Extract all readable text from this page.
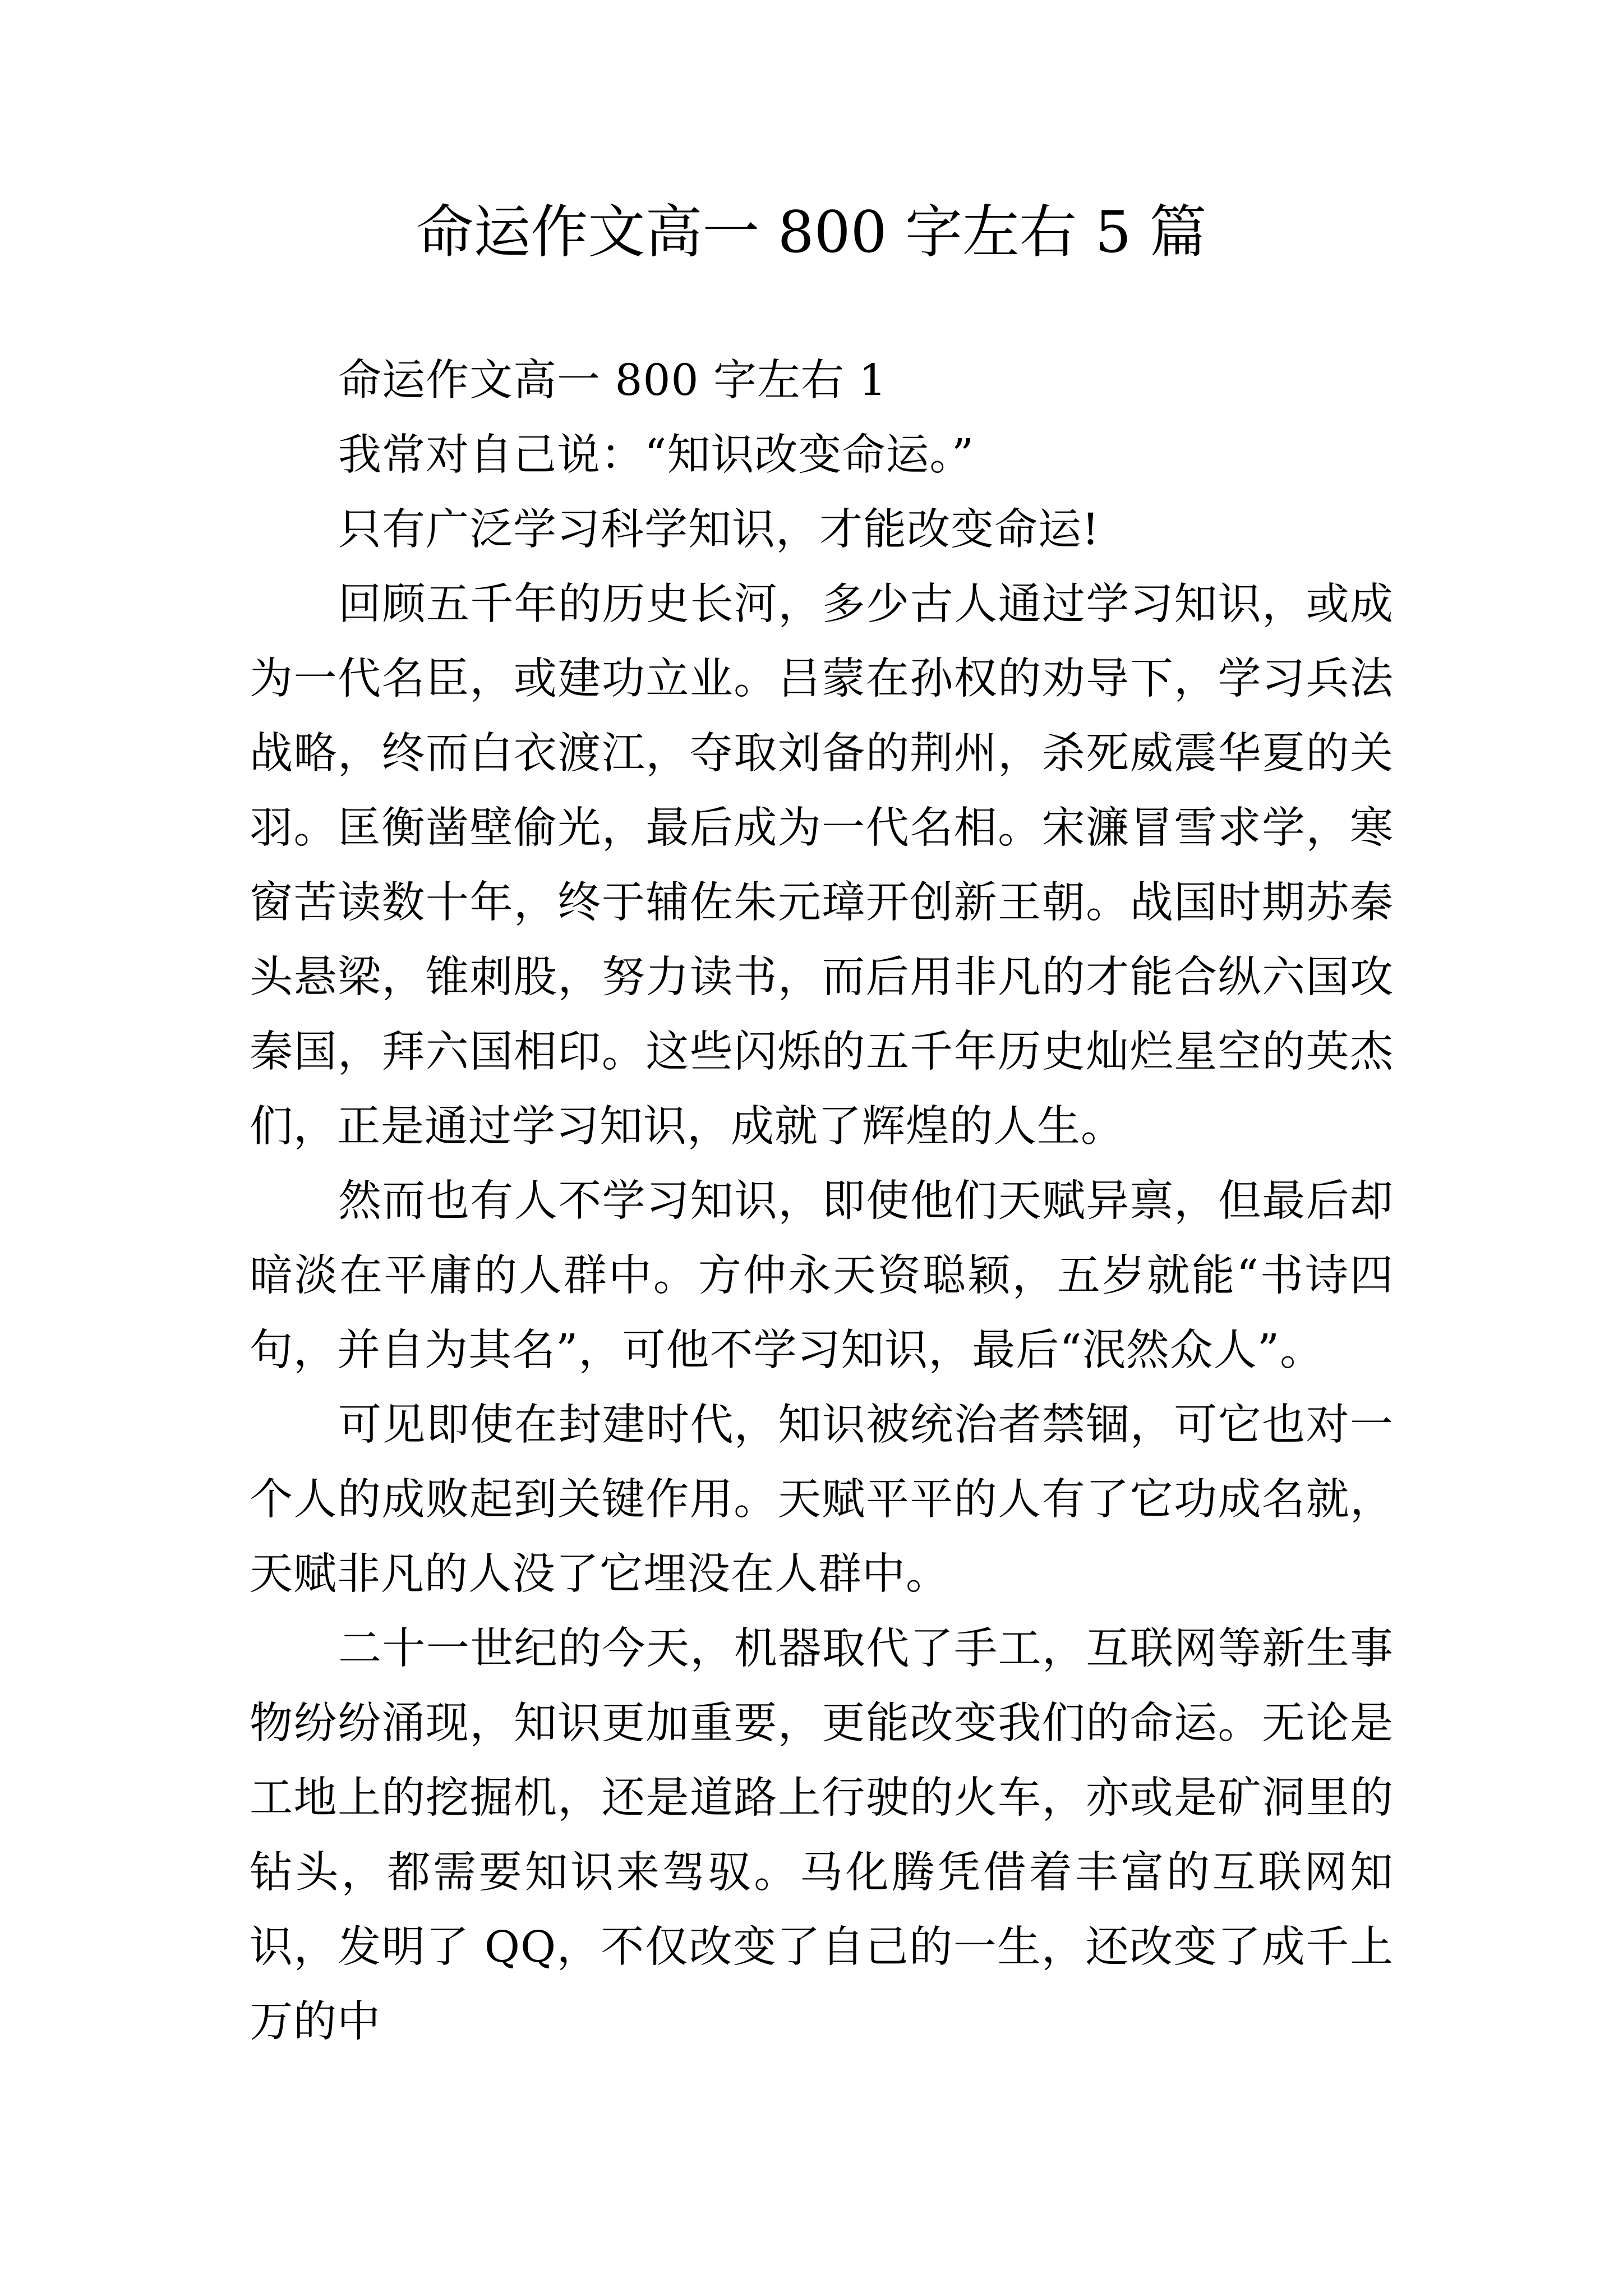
命运作文高一 800 字左右 5 篇

命运作文高一 800 字左右 1

我常对自己说：“知识改变命运。”

只有广泛学习科学知识，才能改变命运!

回顾五千年的历史长河，多少古人通过学习知识，或成为一代名臣，或建功立业。吕蒙在孙权的劝导下，学习兵法战略，终而白衣渡江，夺取刘备的荆州，杀死威震华夏的关羽。匡衡凿壁偷光，最后成为一代名相。宋濂冒雪求学，寒窗苦读数十年，终于辅佐朱元璋开创新王朝。战国时期苏秦头悬梁，锥刺股，努力读书，而后用非凡的才能合纵六国攻秦国，拜六国相印。这些闪烁的五千年历史灿烂星空的英杰们，正是通过学习知识，成就了辉煌的人生。

然而也有人不学习知识，即使他们天赋异禀，但最后却暗淡在平庸的人群中。方仲永天资聪颖，五岁就能“书诗四句，并自为其名”，可他不学习知识，最后“泯然众人”。

可见即使在封建时代，知识被统治者禁锢，可它也对一个人的成败起到关键作用。天赋平平的人有了它功成名就，天赋非凡的人没了它埋没在人群中。

二十一世纪的今天，机器取代了手工，互联网等新生事物纷纷涌现，知识更加重要，更能改变我们的命运。无论是工地上的挖掘机，还是道路上行驶的火车，亦或是矿洞里的钻头，都需要知识来驾驭。马化腾凭借着丰富的互联网知识，发明了 QQ，不仅改变了自己的一生，还改变了成千上万的中
